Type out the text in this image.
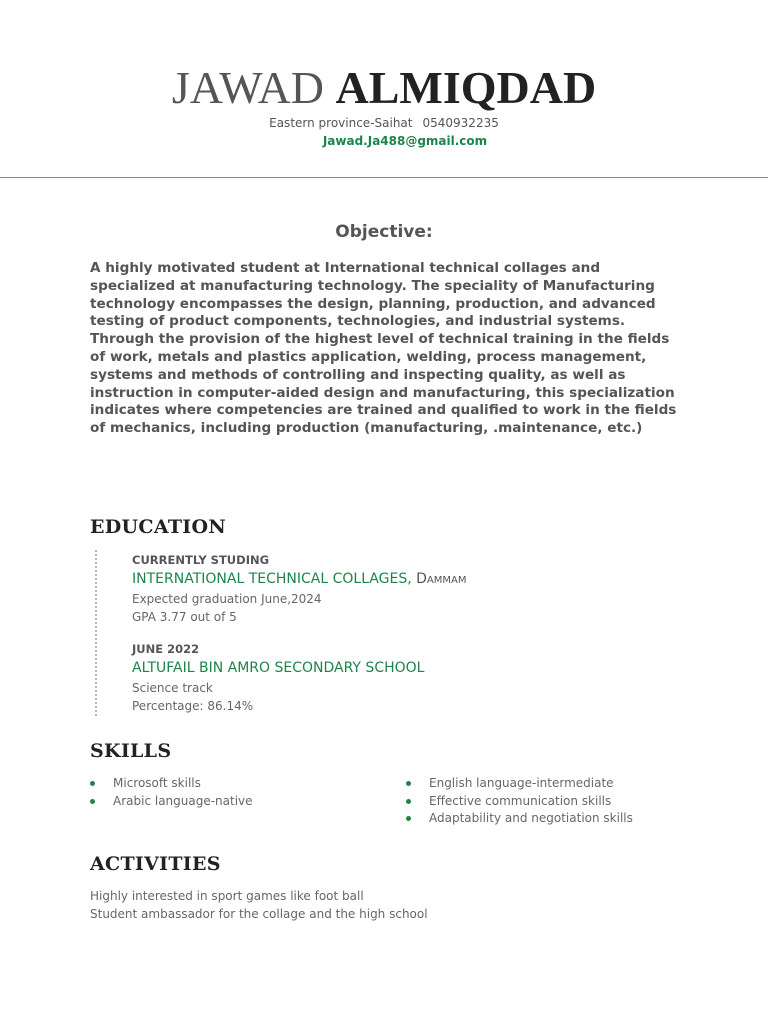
JAWAD ALMIQDAD
Eastern province-Saihat 0540932235
Jawad.Ja488@gmail.com
Objective:
A highly motivated student at International technical collages and specialized at manufacturing technology. The speciality of Manufacturing technology encompasses the design, planning, production, and advanced testing of product components, technologies, and industrial systems. Through the provision of the highest level of technical training in the fields of work, metals and plastics application, welding, process management, systems and methods of controlling and inspecting quality, as well as instruction in computer-aided design and manufacturing, this specialization indicates where competencies are trained and qualified to work in the fields of mechanics, including production (manufacturing, .maintenance, etc.)
EDUCATION
CURRENTLY STUDING
INTERNATIONAL TECHNICAL COLLAGES, Dammam
Expected graduation June,2024
GPA 3.77 out of 5
JUNE 2022
ALTUFAIL BIN AMRO SECONDARY SCHOOL
Science track
Percentage: 86.14%
SKILLS
Microsoft skills
Arabic language-native
English language-intermediate
Effective communication skills
Adaptability and negotiation skills
ACTIVITIES
Highly interested in sport games like foot ball
Student ambassador for the collage and the high school
